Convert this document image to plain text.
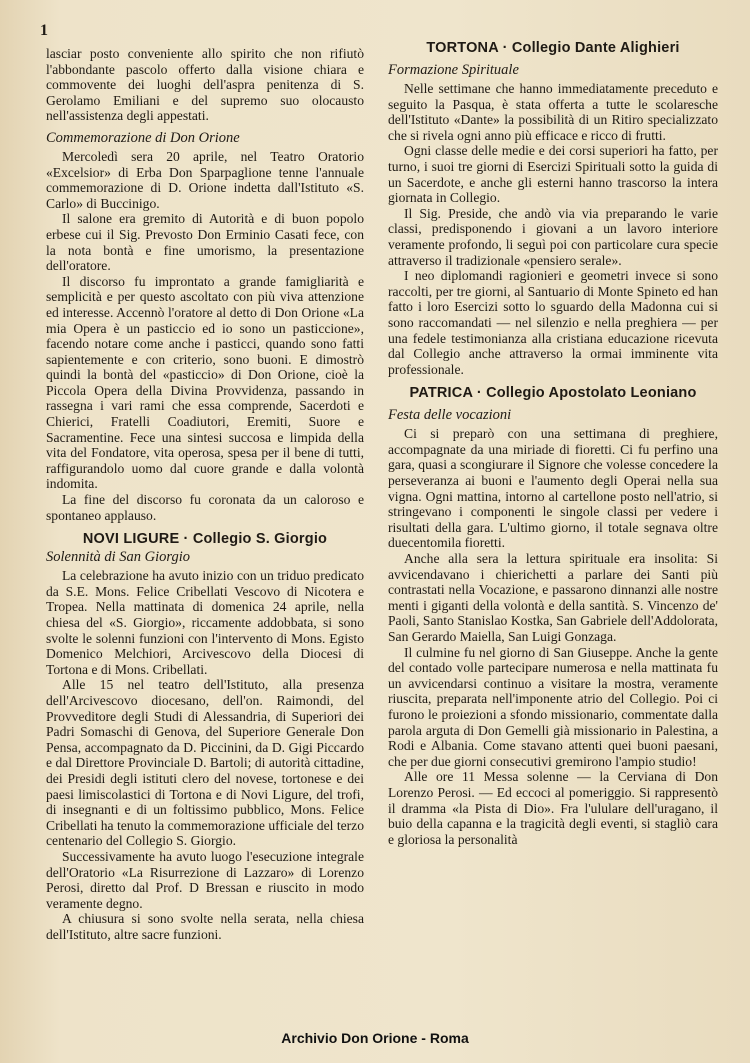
1

lasciar posto conveniente allo spirito che non rifiutò l'abbondante pascolo offerto dalla visione chiara e commovente dei luoghi dell'aspra penitenza di S. Gerolamo Emiliani e del supremo suo olocausto nell'assistenza degli appestati.

Commemorazione di Don Orione

Mercoledì sera 20 aprile, nel Teatro Oratorio «Excelsior» di Erba Don Sparpaglione tenne l'annuale commemorazione di D. Orione indetta dall'Istituto «S. Carlo» di Buccinigo.

Il salone era gremito di Autorità e di buon popolo erbese cui il Sig. Prevosto Don Erminio Casati fece, con la nota bontà e fine umorismo, la presentazione dell'oratore.

Il discorso fu improntato a grande famigliarità e semplicità e per questo ascoltato con più viva attenzione ed interesse. Accennò l'oratore al detto di Don Orione «La mia Opera è un pasticcio ed io sono un pasticcione», facendo notare come anche i pasticci, quando sono fatti sapientemente e con criterio, sono buoni. E dimostrò quindi la bontà del «pasticcio» di Don Orione, cioè la Piccola Opera della Divina Provvidenza, passando in rassegna i vari rami che essa comprende, Sacerdoti e Chierici, Fratelli Coadiutori, Eremiti, Suore e Sacramentine. Fece una sintesi succosa e limpida della vita del Fondatore, vita operosa, spesa per il bene di tutti, raffigurandolo uomo dal cuore grande e dalla volontà indomita.

La fine del discorso fu coronata da un caloroso e spontaneo applauso.

NOVI LIGURE · Collegio S. Giorgio
Solennità di San Giorgio

La celebrazione ha avuto inizio con un triduo predicato da S.E. Mons. Felice Cribellati Vescovo di Nicotera e Tropea. Nella mattinata di domenica 24 aprile, nella chiesa del «S. Giorgio», riccamente addobbata, si sono svolte le solenni funzioni con l'intervento di Mons. Egisto Domenico Melchiori, Arcivescovo della Diocesi di Tortona e di Mons. Cribellati.

Alle 15 nel teatro dell'Istituto, alla presenza dell'Arcivescovo diocesano, dell'on. Raimondi, del Provveditore degli Studi di Alessandria, di Superiori dei Padri Somaschi di Genova, del Superiore Generale Don Pensa, accompagnato da D. Piccinini, da D. Gigi Piccardo e dal Direttore Provinciale D. Bartoli; di autorità cittadine, dei Presidi degli istituti clero del novese, tortonese e dei paesi limiscolastici di Tortona e di Novi Ligure, del trofi, di insegnanti e di un foltissimo pubblico, Mons. Felice Cribellati ha tenuto la commemorazione ufficiale del terzo centenario del Collegio S. Giorgio.

Successivamente ha avuto luogo l'esecuzione integrale dell'Oratorio «La Risurrezione di Lazzaro» di Lorenzo Perosi, diretto dal Prof. D Bressan e riuscito in modo veramente degno.

A chiusura si sono svolte nella serata, nella chiesa dell'Istituto, altre sacre funzioni.

TORTONA · Collegio Dante Alighieri
Formazione Spirituale

Nelle settimane che hanno immediatamente preceduto e seguito la Pasqua, è stata offerta a tutte le scolaresche dell'Istituto «Dante» la possibilità di un Ritiro specializzato che si rivela ogni anno più efficace e ricco di frutti.

Ogni classe delle medie e dei corsi superiori ha fatto, per turno, i suoi tre giorni di Esercizi Spirituali sotto la guida di un Sacerdote, e anche gli esterni hanno trascorso la intera giornata in Collegio.

Il Sig. Preside, che andò via via preparando le varie classi, predisponendo i giovani a un lavoro interiore veramente profondo, li seguì poi con particolare cura specie attraverso il tradizionale «pensiero serale».

I neo diplomandi ragionieri e geometri invece si sono raccolti, per tre giorni, al Santuario di Monte Spineto ed han fatto i loro Esercizi sotto lo sguardo della Madonna cui si sono raccomandati — nel silenzio e nella preghiera — per una fedele testimonianza alla cristiana educazione ricevuta dal Collegio anche attraverso la ormai imminente vita professionale.

PATRICA · Collegio Apostolato Leoniano
Festa delle vocazioni

Ci si preparò con una settimana di preghiere, accompagnate da una miriade di fioretti. Ci fu perfino una gara, quasi a scongiurare il Signore che volesse concedere la perseveranza ai buoni e l'aumento degli Operai nella sua vigna. Ogni mattina, intorno al cartellone posto nell'atrio, si stringevano i componenti le singole classi per vedere i risultati della gara. L'ultimo giorno, il totale segnava oltre duecentomila fioretti.

Anche alla sera la lettura spirituale era insolita: Si avvicendavano i chierichetti a parlare dei Santi più contrastati nella Vocazione, e passarono dinnanzi alle nostre menti i giganti della volontà e della santità. S. Vincenzo de' Paoli, Santo Stanislao Kostka, San Gabriele dell'Addolorata, San Gerardo Maiella, San Luigi Gonzaga.

Il culmine fu nel giorno di San Giuseppe. Anche la gente del contado volle partecipare numerosa e nella mattinata fu un avvicendarsi continuo a visitare la mostra, veramente riuscita, preparata nell'imponente atrio del Collegio. Poi ci furono le proiezioni a sfondo missionario, commentate dalla parola arguta di Don Gemelli già missionario in Palestina, a Rodi e Albania. Come stavano attenti quei buoni paesani, che per due giorni consecutivi gremirono l'ampio studio!

Alle ore 11 Messa solenne — la Cerviana di Don Lorenzo Perosi. — Ed eccoci al pomeriggio. Si rappresentò il dramma «la Pista di Dio». Fra l'ululare dell'uragano, il buio della capanna e la tragicità degli eventi, si stagliò cara e gloriosa la personalità

Archivio Don Orione - Roma
